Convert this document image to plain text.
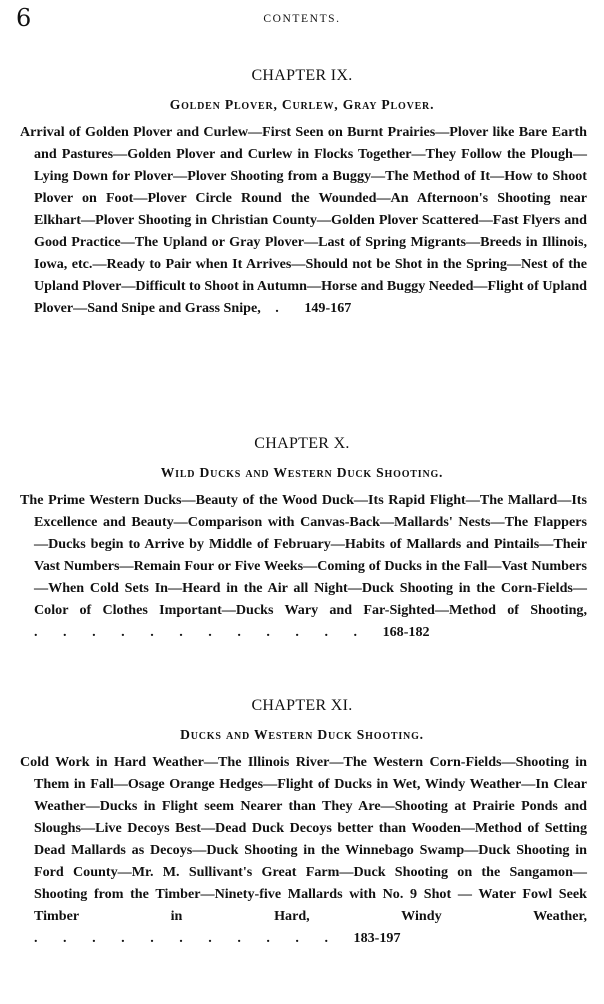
6	CONTENTS.
CHAPTER IX.
Golden Plover, Curlew, Gray Plover.

Arrival of Golden Plover and Curlew—First Seen on Burnt Prairies—Plover like Bare Earth and Pastures—Golden Plover and Curlew in Flocks Together—They Follow the Plough—Lying Down for Plover—Plover Shooting from a Buggy—The Method of It—How to Shoot Plover on Foot—Plover Circle Round the Wounded—An Afternoon's Shooting near Elkhart—Plover Shooting in Christian County—Golden Plover Scattered—Fast Flyers and Good Practice—The Upland or Gray Plover—Last of Spring Migrants—Breeds in Illinois, Iowa, etc.—Ready to Pair when It Arrives—Should not be Shot in the Spring—Nest of the Upland Plover—Difficult to Shoot in Autumn—Horse and Buggy Needed—Flight of Upland Plover—Sand Snipe and Grass Snipe, . 149-167

CHAPTER X.
Wild Ducks and Western Duck Shooting.

The Prime Western Ducks—Beauty of the Wood Duck—Its Rapid Flight—The Mallard—Its Excellence and Beauty—Comparison with Canvas-Back—Mallards' Nests—The Flappers—Ducks begin to Arrive by Middle of February—Habits of Mallards and Pintails—Their Vast Numbers—Remain Four or Five Weeks—Coming of Ducks in the Fall—Vast Numbers—When Cold Sets In—Heard in the Air all Night—Duck Shooting in the Corn-Fields—Color of Clothes Important—Ducks Wary and Far-Sighted—Method of Shooting, . . . . . . . . . . . . 168-182

CHAPTER XI.
Ducks and Western Duck Shooting.

Cold Work in Hard Weather—The Illinois River—The Western Corn-Fields—Shooting in Them in Fall—Osage Orange Hedges—Flight of Ducks in Wet, Windy Weather—In Clear Weather—Ducks in Flight seem Nearer than They Are—Shooting at Prairie Ponds and Sloughs—Live Decoys Best—Dead Duck Decoys better than Wooden—Method of Setting Dead Mallards as Decoys—Duck Shooting in the Winnebago Swamp—Duck Shooting in Ford County—Mr. M. Sullivant's Great Farm—Duck Shooting on the Sangamon—Shooting from the Timber—Ninety-five Mallards with No. 9 Shot — Water Fowl Seek Timber in Hard, Windy Weather, . . . . . . . . . . . 183-197
